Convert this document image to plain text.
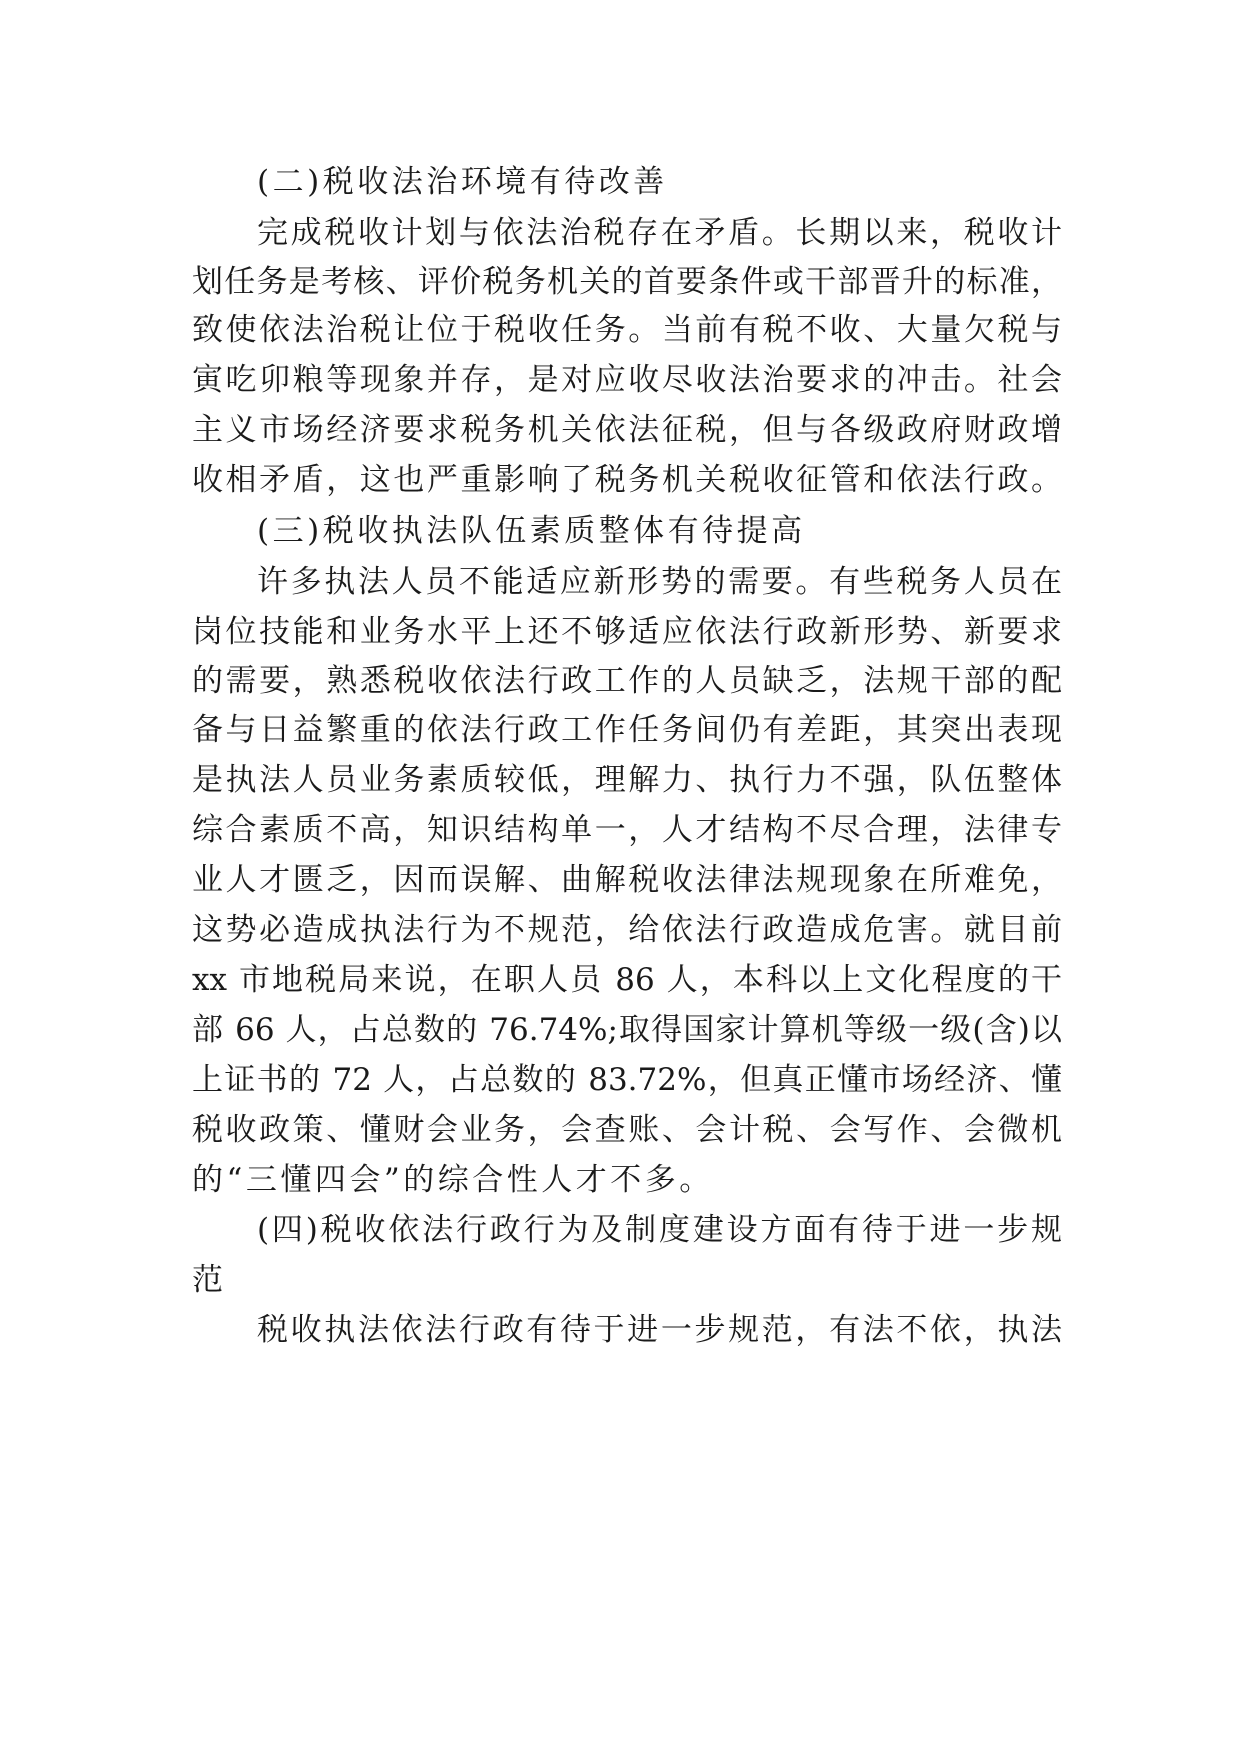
(二)税收法治环境有待改善
完成税收计划与依法治税存在矛盾。长期以来，税收计
划任务是考核、评价税务机关的首要条件或干部晋升的标准，
致使依法治税让位于税收任务。当前有税不收、大量欠税与
寅吃卯粮等现象并存，是对应收尽收法治要求的冲击。社会
主义市场经济要求税务机关依法征税，但与各级政府财政增
收相矛盾，这也严重影响了税务机关税收征管和依法行政。
(三)税收执法队伍素质整体有待提高
许多执法人员不能适应新形势的需要。有些税务人员在
岗位技能和业务水平上还不够适应依法行政新形势、新要求
的需要，熟悉税收依法行政工作的人员缺乏，法规干部的配
备与日益繁重的依法行政工作任务间仍有差距，其突出表现
是执法人员业务素质较低，理解力、执行力不强，队伍整体
综合素质不高，知识结构单一，人才结构不尽合理，法律专
业人才匮乏，因而误解、曲解税收法律法规现象在所难免，
这势必造成执法行为不规范，给依法行政造成危害。就目前
xx 市地税局来说，在职人员 86 人，本科以上文化程度的干
部 66 人，占总数的 76.74%;取得国家计算机等级一级(含)以
上证书的 72 人，占总数的 83.72%，但真正懂市场经济、懂
税收政策、懂财会业务，会查账、会计税、会写作、会微机
的“三懂四会”的综合性人才不多。
(四)税收依法行政行为及制度建设方面有待于进一步规
范
税收执法依法行政有待于进一步规范，有法不依，执法
